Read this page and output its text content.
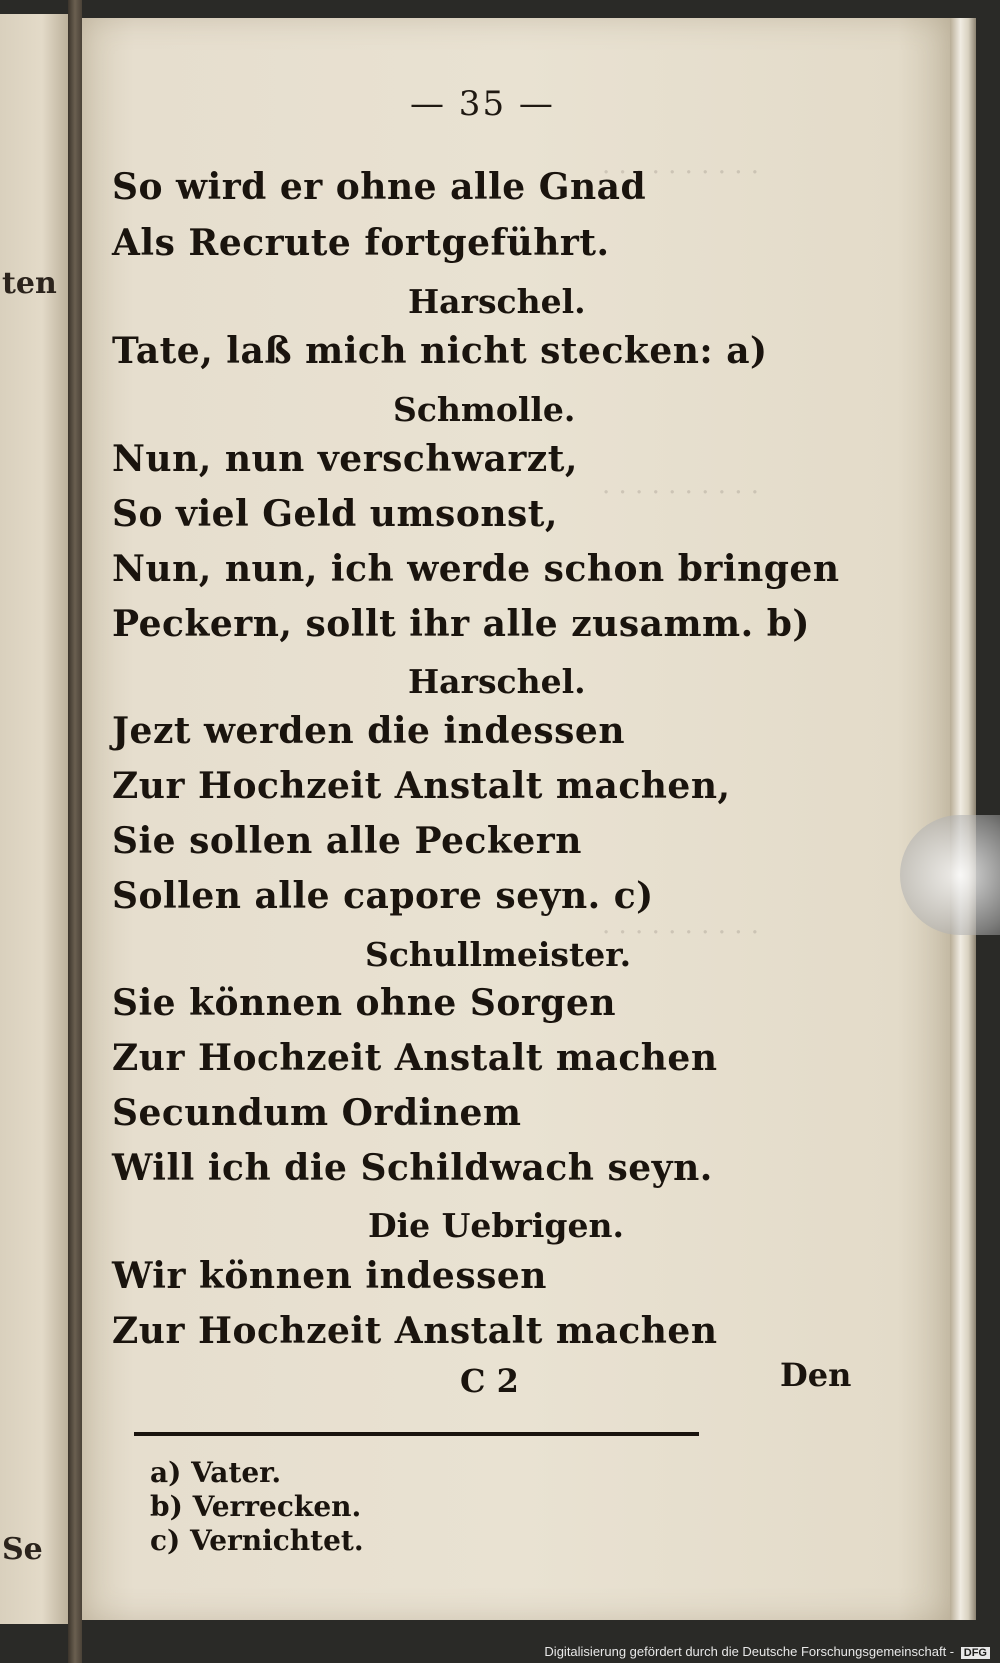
ten
Se
· · · · · · · · · ·
· · · · · · · · · ·
· · · · · · · · · ·
— 35 —
So wird er ohne alle Gnad
Als Recrute fortgeführt.
Harschel.
Tate, laß mich nicht stecken: a)
Schmolle.
Nun, nun verschwarzt,
So viel Geld umsonst,
Nun, nun, ich werde schon bringen
Peckern, sollt ihr alle zusamm. b)
Harschel.
Jezt werden die indessen
Zur Hochzeit Anstalt machen,
Sie sollen alle Peckern
Sollen alle capore seyn. c)
Schullmeister.
Sie können ohne Sorgen
Zur Hochzeit Anstalt machen
Secundum Ordinem
Will ich die Schildwach seyn.
Die Uebrigen.
Wir können indessen
Zur Hochzeit Anstalt machen
C 2	Den
a) Vater.
b) Verrecken.
c) Vernichtet.
Digitalisierung gefördert durch die Deutsche Forschungsgemeinschaft - DFG
